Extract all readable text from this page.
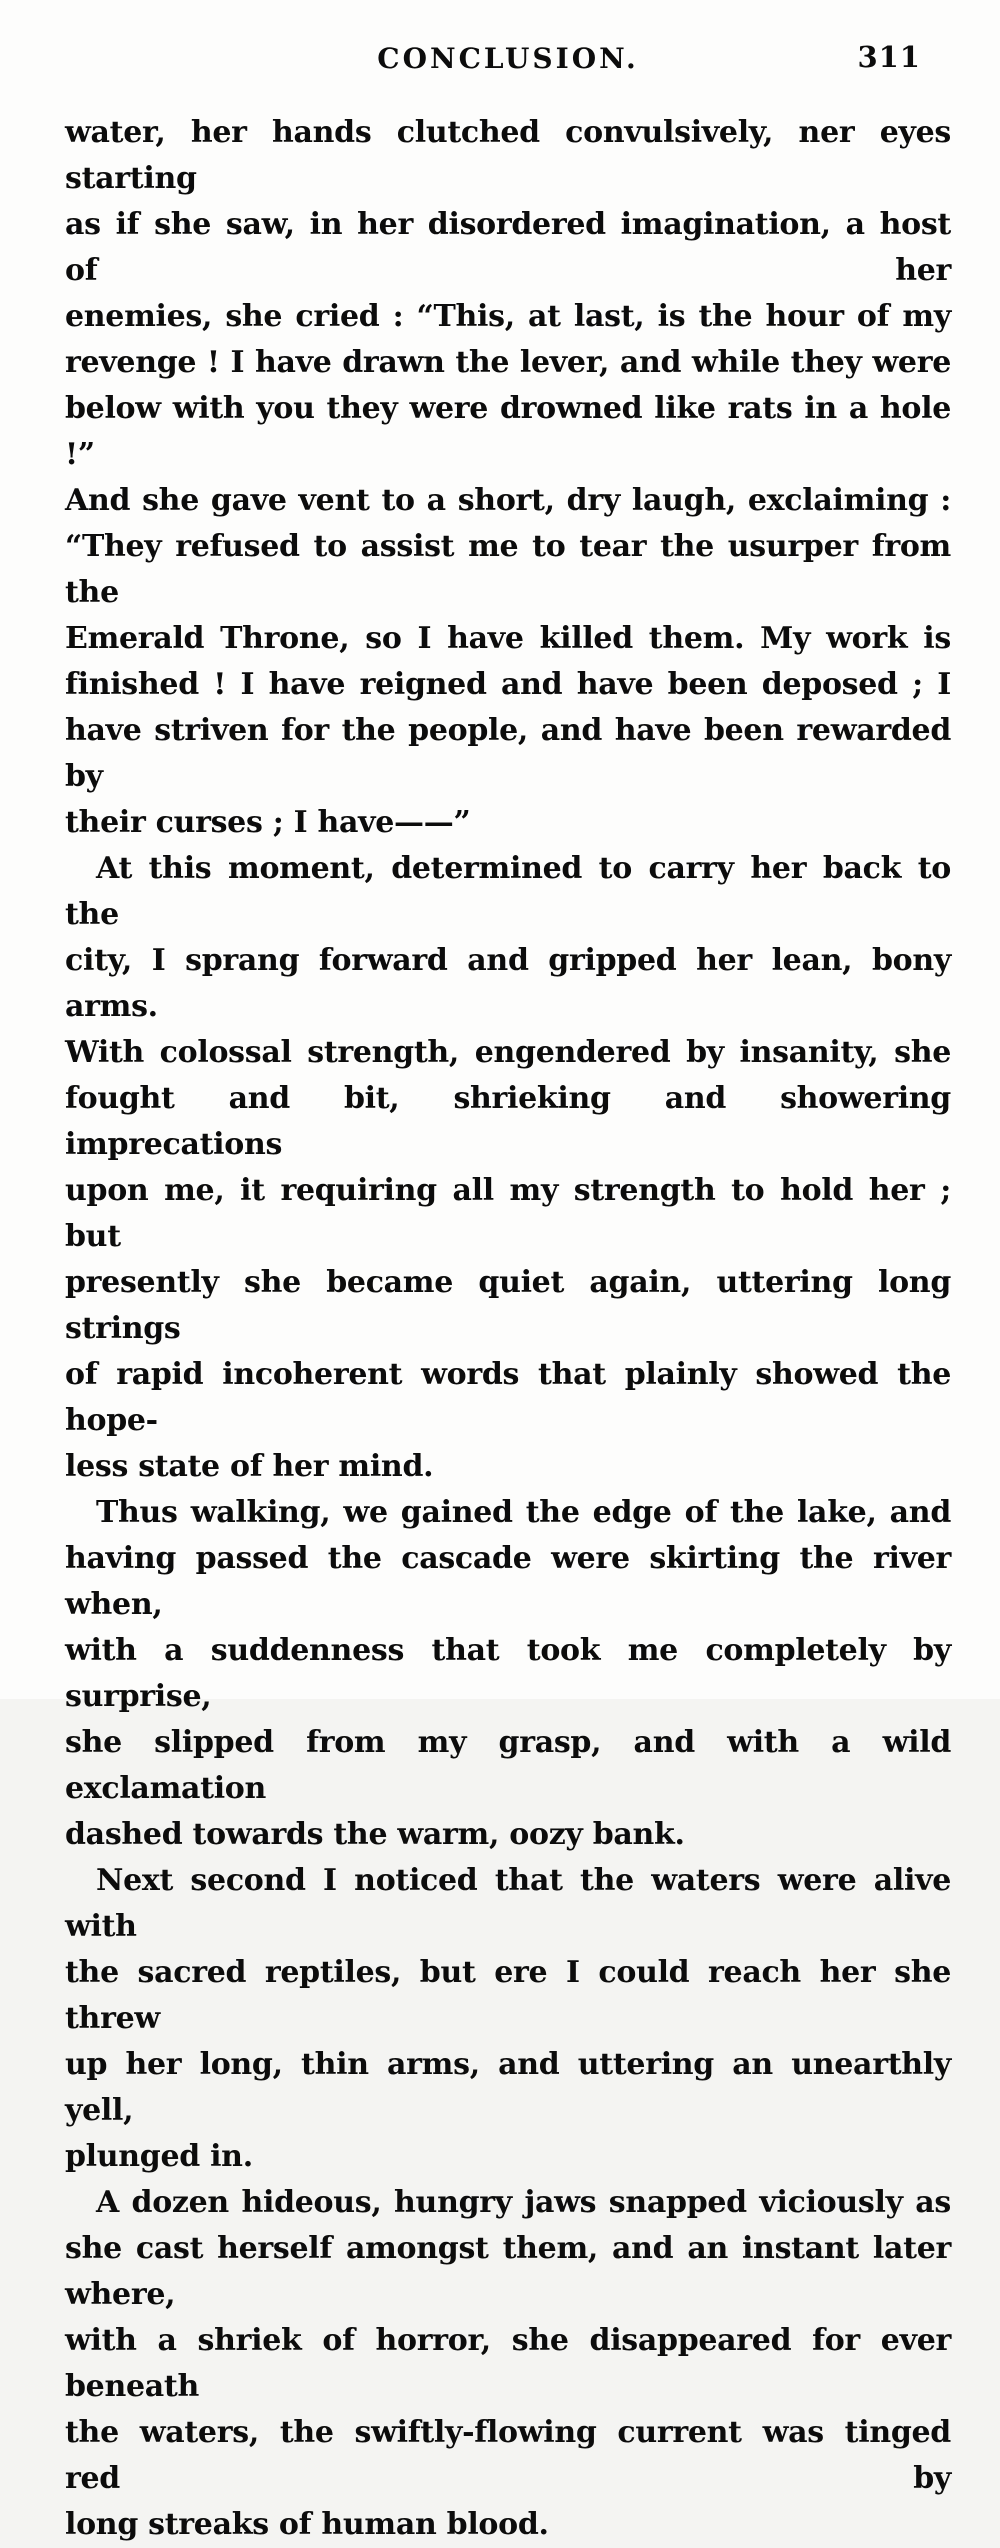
CONCLUSION.	311
water, her hands clutched convulsively, ner eyes starting
as if she saw, in her disordered imagination, a host of her
enemies, she cried : “This, at last, is the hour of my
revenge ! I have drawn the lever, and while they were
below with you they were drowned like rats in a hole !”
And she gave vent to a short, dry laugh, exclaiming :
“They refused to assist me to tear the usurper from the
Emerald Throne, so I have killed them. My work is
finished ! I have reigned and have been deposed ; I
have striven for the people, and have been rewarded by
their curses ; I have——”
At this moment, determined to carry her back to the
city, I sprang forward and gripped her lean, bony arms.
With colossal strength, engendered by insanity, she
fought and bit, shrieking and showering imprecations
upon me, it requiring all my strength to hold her ; but
presently she became quiet again, uttering long strings
of rapid incoherent words that plainly showed the hope-
less state of her mind.
Thus walking, we gained the edge of the lake, and
having passed the cascade were skirting the river when,
with a suddenness that took me completely by surprise,
she slipped from my grasp, and with a wild exclamation
dashed towards the warm, oozy bank.
Next second I noticed that the waters were alive with
the sacred reptiles, but ere I could reach her she threw
up her long, thin arms, and uttering an unearthly yell,
plunged in.
A dozen hideous, hungry jaws snapped viciously as
she cast herself amongst them, and an instant later where,
with a shriek of horror, she disappeared for ever beneath
the waters, the swiftly-flowing current was tinged red by
long streaks of human blood.
